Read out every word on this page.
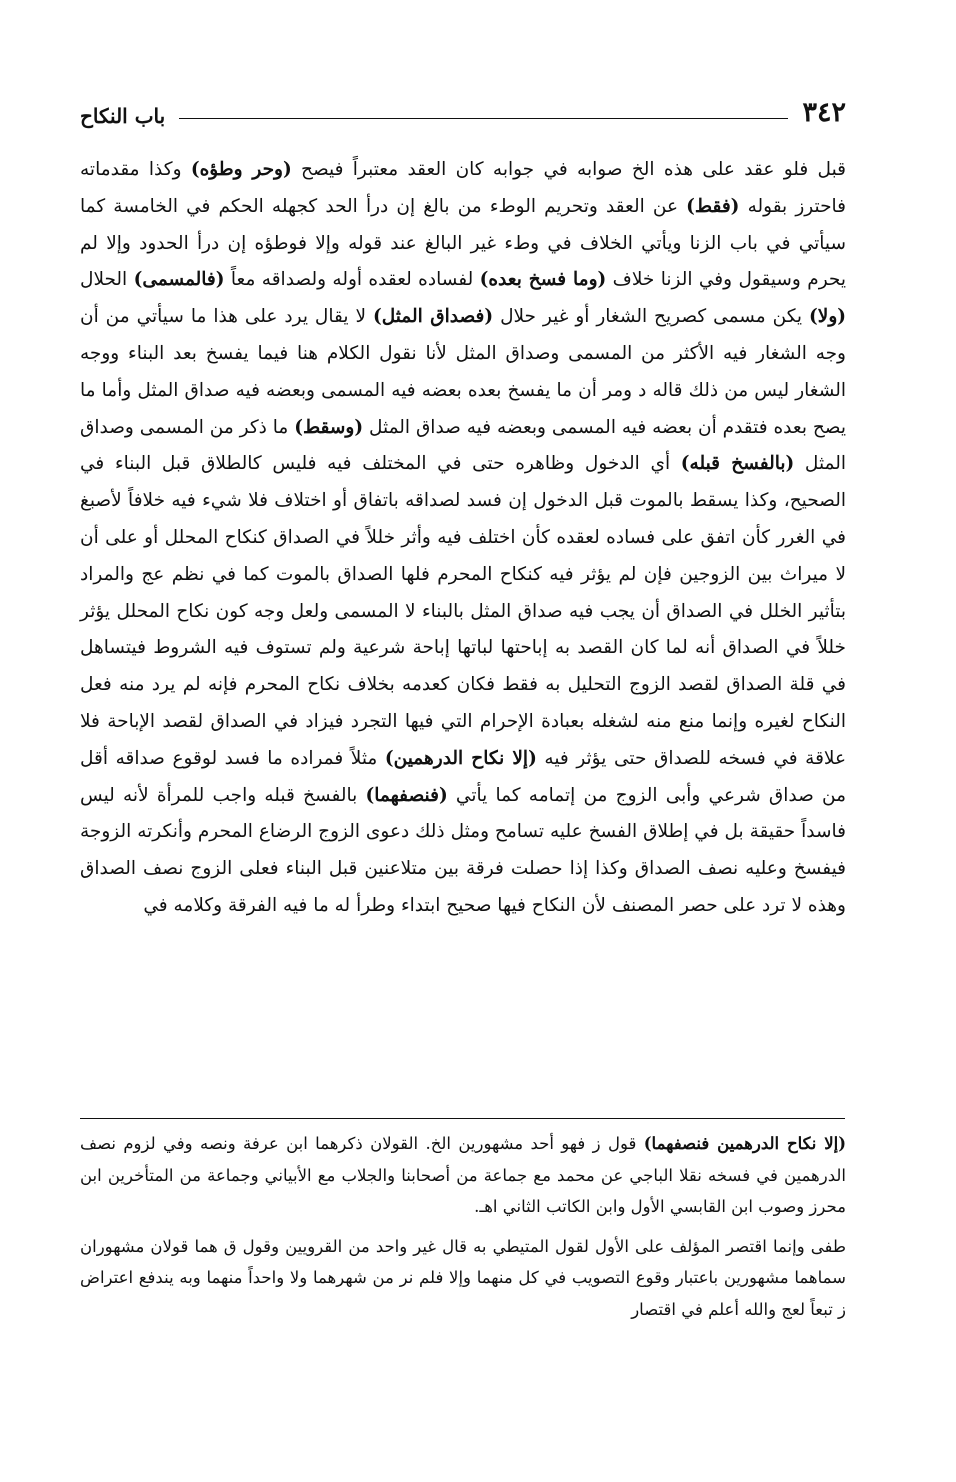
٣٤٢
باب النكاح

قبل فلو عقد على هذه الخ صوابه في جوابه كان العقد معتبراً فيصح (وحر وطؤه) وكذا مقدماته فاحترز بقوله (فقط) عن العقد وتحريم الوطء من بالغ إن درأ الحد كجهله الحكم في الخامسة كما سيأتي في باب الزنا ويأتي الخلاف في وطء غير البالغ عند قوله وإلا فوطؤه إن درأ الحدود وإلا لم يحرم وسيقول وفي الزنا خلاف (وما فسخ بعده) لفساده لعقده أوله ولصداقه معاً (فالمسمى) الحلال (ولا) يكن مسمى كصريح الشغار أو غير حلال (فصداق المثل) لا يقال يرد على هذا ما سيأتي من أن وجه الشغار فيه الأكثر من المسمى وصداق المثل لأنا نقول الكلام هنا فيما يفسخ بعد البناء ووجه الشغار ليس من ذلك قاله د ومر أن ما يفسخ بعده بعضه فيه المسمى وبعضه فيه صداق المثل وأما ما يصح بعده فتقدم أن بعضه فيه المسمى وبعضه فيه صداق المثل (وسقط) ما ذكر من المسمى وصداق المثل (بالفسخ قبله) أي الدخول وظاهره حتى في المختلف فيه فليس كالطلاق قبل البناء في الصحيح، وكذا يسقط بالموت قبل الدخول إن فسد لصداقه باتفاق أو اختلاف فلا شيء فيه خلافاً لأصبغ في الغرر كأن اتفق على فساده لعقده كأن اختلف فيه وأثر خللاً في الصداق كنكاح المحلل أو على أن لا ميراث بين الزوجين فإن لم يؤثر فيه كنكاح المحرم فلها الصداق بالموت كما في نظم عج والمراد بتأثير الخلل في الصداق أن يجب فيه صداق المثل بالبناء لا المسمى ولعل وجه كون نكاح المحلل يؤثر خللاً في الصداق أنه لما كان القصد به إباحتها لباتها إباحة شرعية ولم تستوف فيه الشروط فيتساهل في قلة الصداق لقصد الزوج التحليل به فقط فكان كعدمه بخلاف نكاح المحرم فإنه لم يرد منه فعل النكاح لغيره وإنما منع منه لشغله بعبادة الإحرام التي فيها التجرد فيزاد في الصداق لقصد الإباحة فلا علاقة في فسخه للصداق حتى يؤثر فيه (إلا نكاح الدرهمين) مثلاً فمراده ما فسد لوقوع صداقه أقل من صداق شرعي وأبى الزوج من إتمامه كما يأتي (فنصفهما) بالفسخ قبله واجب للمرأة لأنه ليس فاسداً حقيقة بل في إطلاق الفسخ عليه تسامح ومثل ذلك دعوى الزوج الرضاع المحرم وأنكرته الزوجة فيفسخ وعليه نصف الصداق وكذا إذا حصلت فرقة بين متلاعنين قبل البناء فعلى الزوج نصف الصداق وهذه لا ترد على حصر المصنف لأن النكاح فيها صحيح ابتداء وطرأ له ما فيه الفرقة وكلامه في

(إلا نكاح الدرهمين فنصفهما) قول ز فهو أحد مشهورين الخ. القولان ذكرهما ابن عرفة ونصه وفي لزوم نصف الدرهمين في فسخه نقلا الباجي عن محمد مع جماعة من أصحابنا والجلاب مع الأبياني وجماعة من المتأخرين ابن محرز وصوب ابن القابسي الأول وابن الكاتب الثاني اهـ.

طفى وإنما اقتصر المؤلف على الأول لقول المتيطي به قال غير واحد من القرويين وقول ق هما قولان مشهوران سماهما مشهورين باعتبار وقوع التصويب في كل منهما وإلا فلم نر من شهرهما ولا واحداً منهما وبه يندفع اعتراض ز تبعاً لعج والله أعلم في اقتصار
